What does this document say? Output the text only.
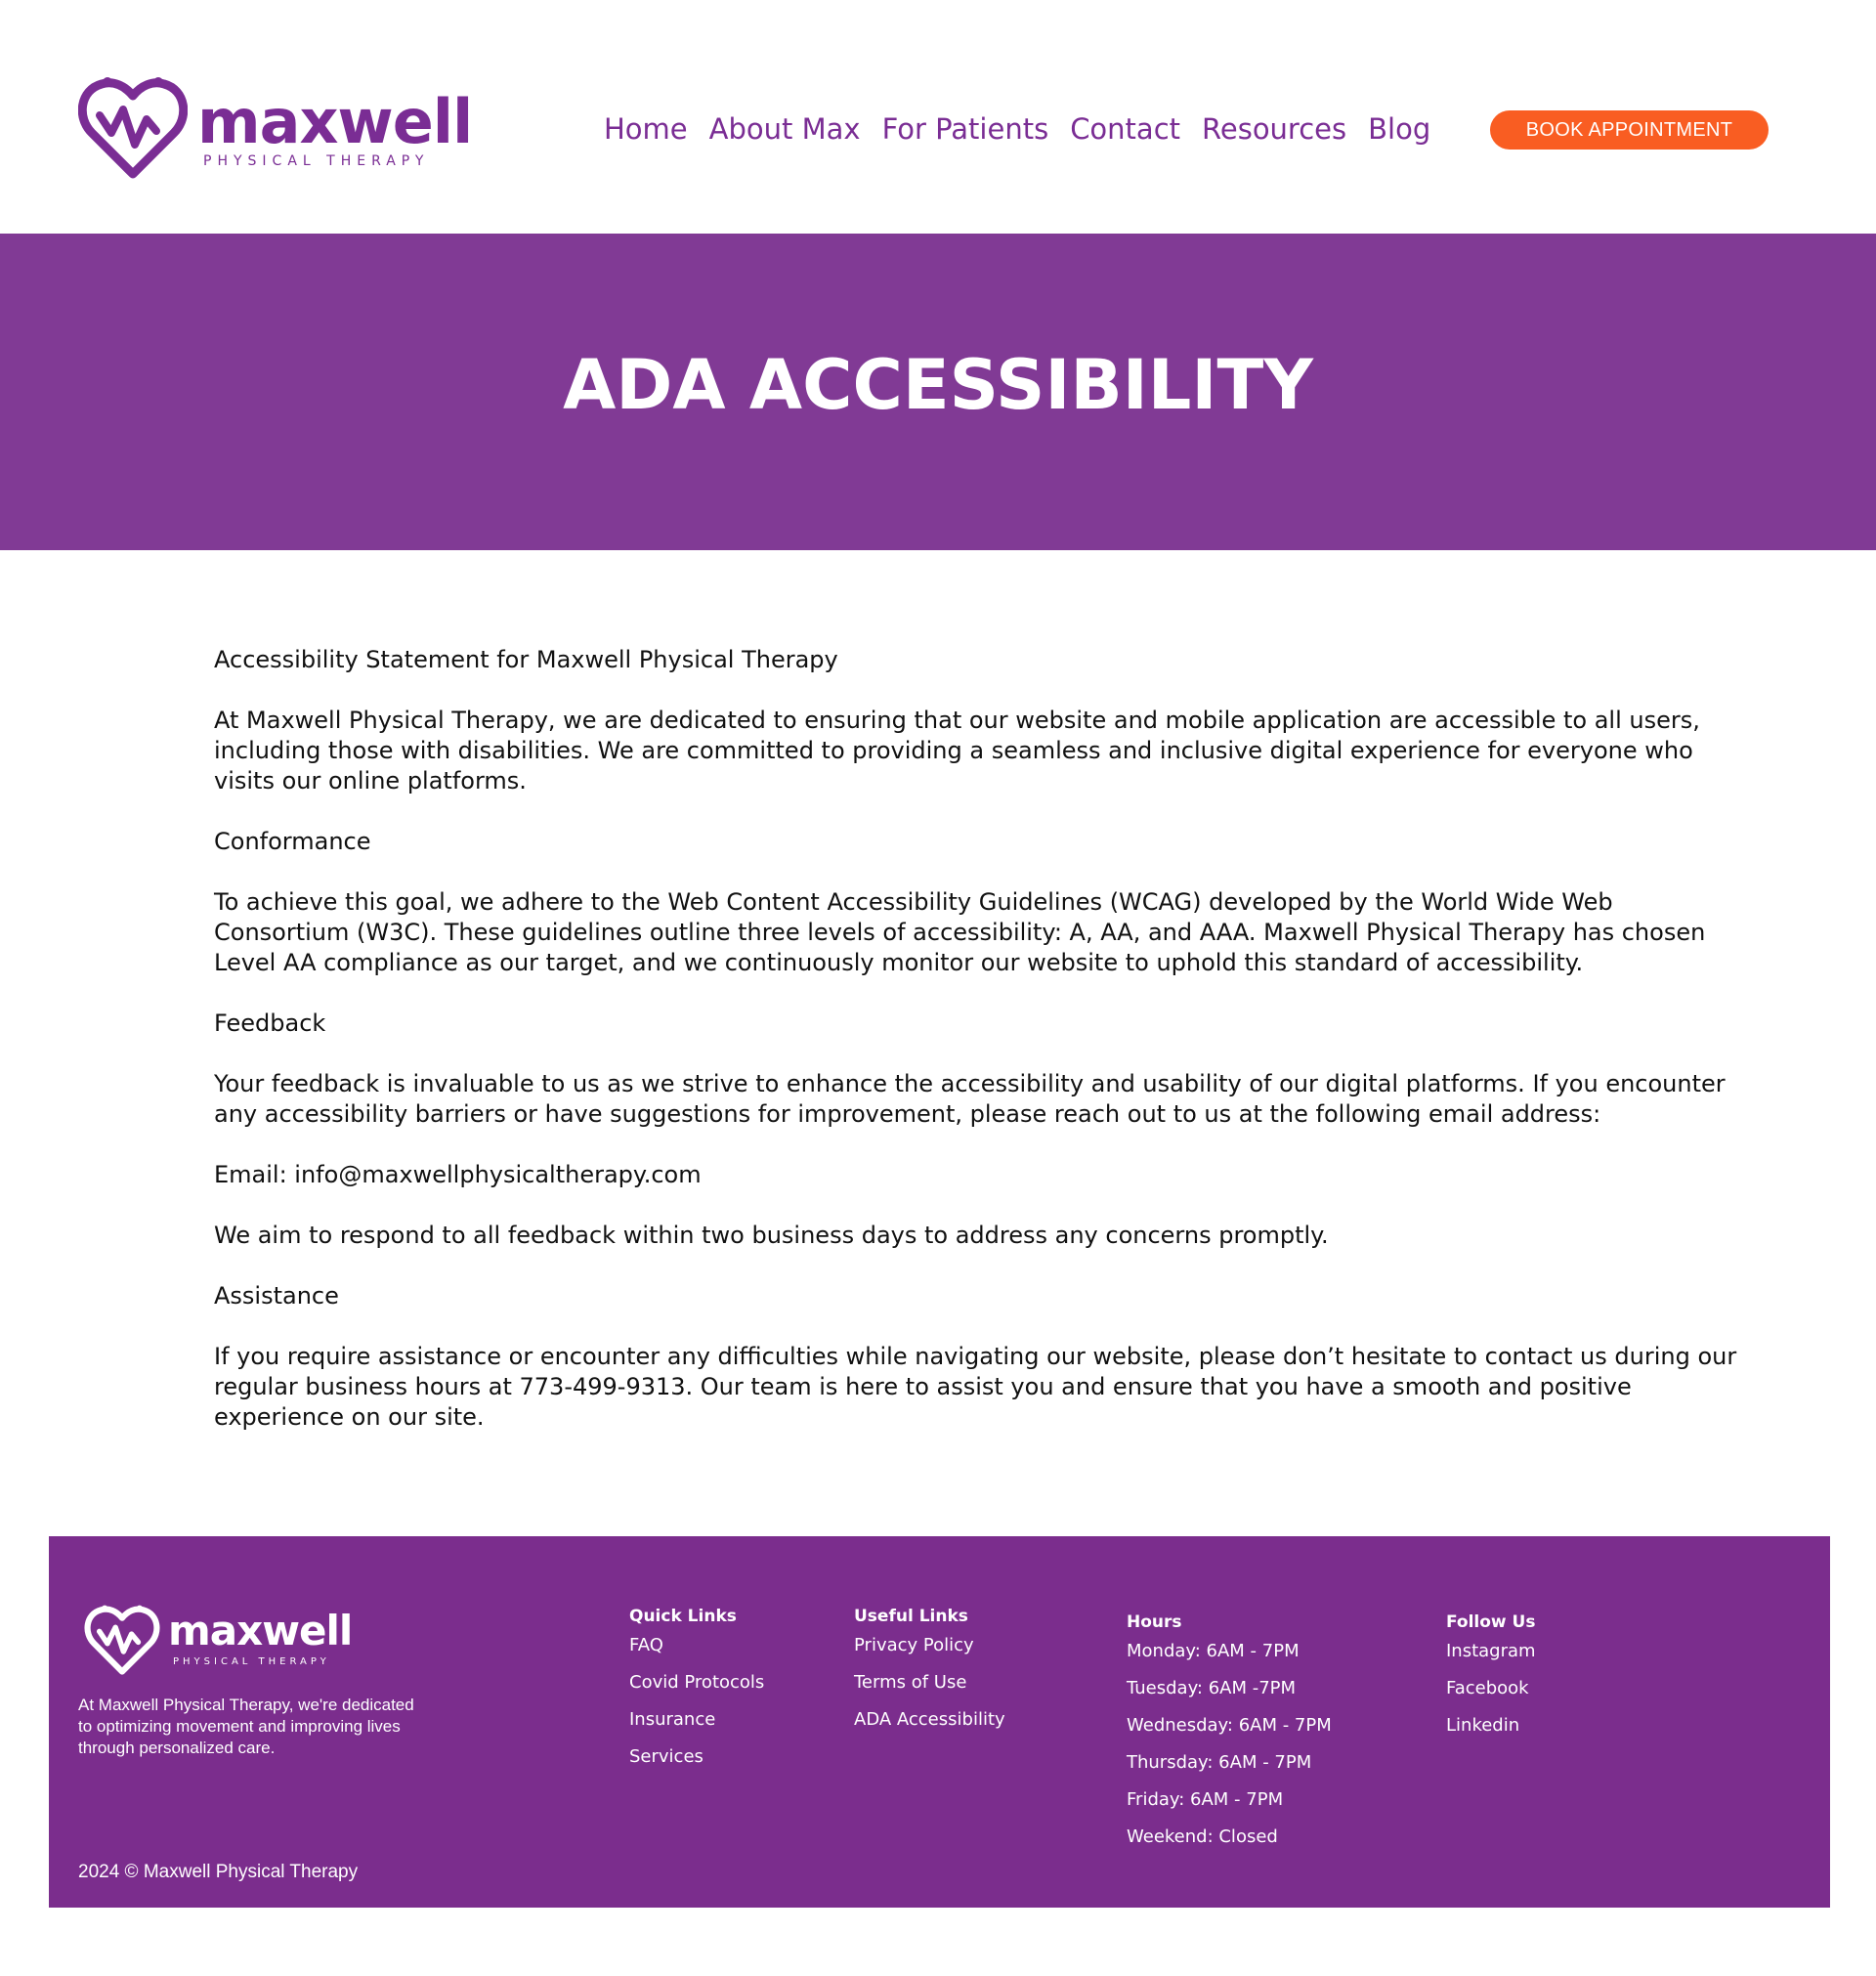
maxwell
PHYSICAL THERAPY
Home About Max For Patients Contact Resources Blog	BOOK APPOINTMENT
ADA ACCESSIBILITY

Accessibility Statement for Maxwell Physical Therapy

At Maxwell Physical Therapy, we are dedicated to ensuring that our website and mobile application are accessible to all users, including those with disabilities. We are committed to providing a seamless and inclusive digital experience for everyone who visits our online platforms.

Conformance

To achieve this goal, we adhere to the Web Content Accessibility Guidelines (WCAG) developed by the World Wide Web Consortium (W3C). These guidelines outline three levels of accessibility: A, AA, and AAA. Maxwell Physical Therapy has chosen Level AA compliance as our target, and we continuously monitor our website to uphold this standard of accessibility.

Feedback

Your feedback is invaluable to us as we strive to enhance the accessibility and usability of our digital platforms. If you encounter any accessibility barriers or have suggestions for improvement, please reach out to us at the following email address:

Email: info@maxwellphysicaltherapy.com

We aim to respond to all feedback within two business days to address any concerns promptly.

Assistance

If you require assistance or encounter any difficulties while navigating our website, please don’t hesitate to contact us during our regular business hours at 773-499-9313. Our team is here to assist you and ensure that you have a smooth and positive experience on our site.

maxwell
PHYSICAL THERAPY

At Maxwell Physical Therapy, we're dedicated to optimizing movement and improving lives through personalized care.

2024 © Maxwell Physical Therapy

Quick Links
FAQ
Covid Protocols
Insurance
Services
Useful Links
Privacy Policy
Terms of Use
ADA Accessibility
Hours
Monday: 6AM - 7PM
Tuesday: 6AM -7PM
Wednesday: 6AM - 7PM
Thursday: 6AM - 7PM
Friday: 6AM - 7PM
Weekend: Closed
Follow Us
Instagram
Facebook
Linkedin
